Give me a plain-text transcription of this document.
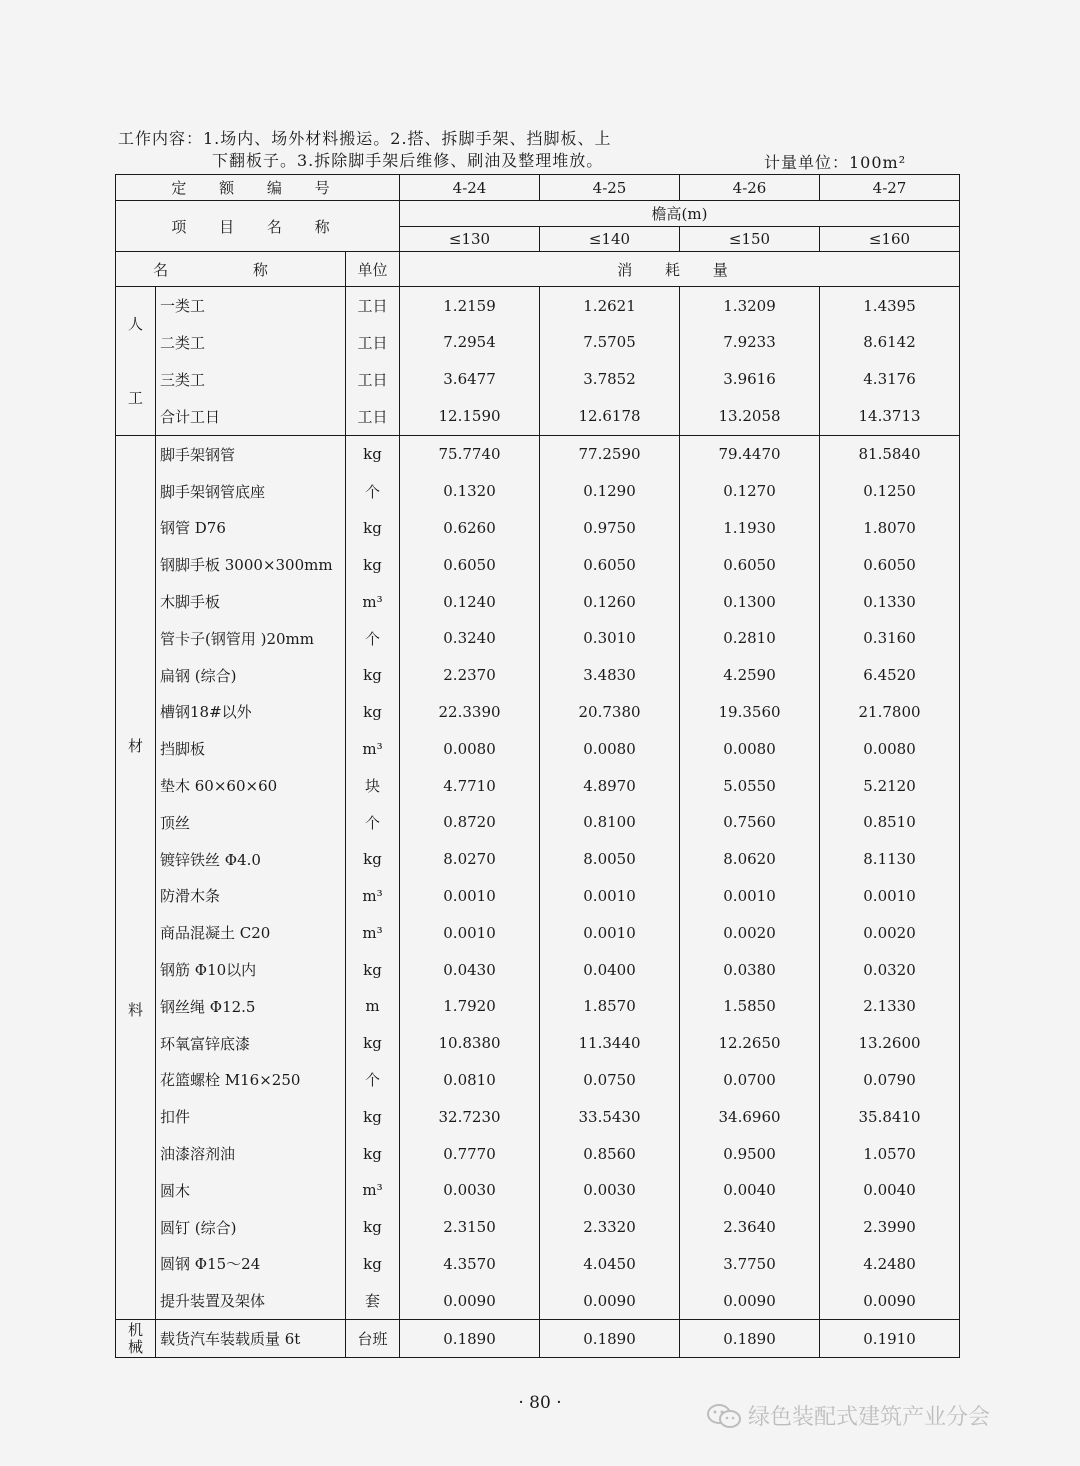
工作内容：1.场内、场外材料搬运。2.搭、拆脚手架、挡脚板、上
下翻板子。3.拆除脚手架后维修、刷油及整理堆放。	计量单位：100m²
定 额 编 号			4-24	4-25	4-26	4-27
项 目 名 称			檐高(m)			
			≤130	≤140	≤150	≤160
名 称		单位	消 耗 量			

人
工	一类工	工日	1.2159	1.2621	1.3209	1.4395
	二类工	工日	7.2954	7.5705	7.9233	8.6142
	三类工	工日	3.6477	3.7852	3.9616	4.3176
	合计工日	工日	12.1590	12.6178	13.2058	14.3713

材
料	脚手架钢管	kg	75.7740	77.2590	79.4470	81.5840
	脚手架钢管底座	个	0.1320	0.1290	0.1270	0.1250
	钢管 D76	kg	0.6260	0.9750	1.1930	1.8070
	钢脚手板 3000×300mm	kg	0.6050	0.6050	0.6050	0.6050
	木脚手板	m³	0.1240	0.1260	0.1300	0.1330
	管卡子(钢管用 )20mm	个	0.3240	0.3010	0.2810	0.3160
	扁钢 (综合)	kg	2.2370	3.4830	4.2590	6.4520
	槽钢18#以外	kg	22.3390	20.7380	19.3560	21.7800
	挡脚板	m³	0.0080	0.0080	0.0080	0.0080
	垫木 60×60×60	块	4.7710	4.8970	5.0550	5.2120
	顶丝	个	0.8720	0.8100	0.7560	0.8510
	镀锌铁丝 Φ4.0	kg	8.0270	8.0050	8.0620	8.1130
	防滑木条	m³	0.0010	0.0010	0.0010	0.0010
	商品混凝土 C20	m³	0.0010	0.0010	0.0020	0.0020
	钢筋 Φ10以内	kg	0.0430	0.0400	0.0380	0.0320
	钢丝绳 Φ12.5	m	1.7920	1.8570	1.5850	2.1330
	环氧富锌底漆	kg	10.8380	11.3440	12.2650	13.2600
	花篮螺栓 M16×250	个	0.0810	0.0750	0.0700	0.0790
	扣件	kg	32.7230	33.5430	34.6960	35.8410
	油漆溶剂油	kg	0.7770	0.8560	0.9500	1.0570
	圆木	m³	0.0030	0.0030	0.0040	0.0040
	圆钉 (综合)	kg	2.3150	2.3320	2.3640	2.3990
	圆钢 Φ15～24	kg	4.3570	4.0450	3.7750	4.2480
	提升装置及架体	套	0.0090	0.0090	0.0090	0.0090

机
械	载货汽车装载质量 6t	台班	0.1890	0.1890	0.1890	0.1910
· 80 ·
绿色装配式建筑产业分会
